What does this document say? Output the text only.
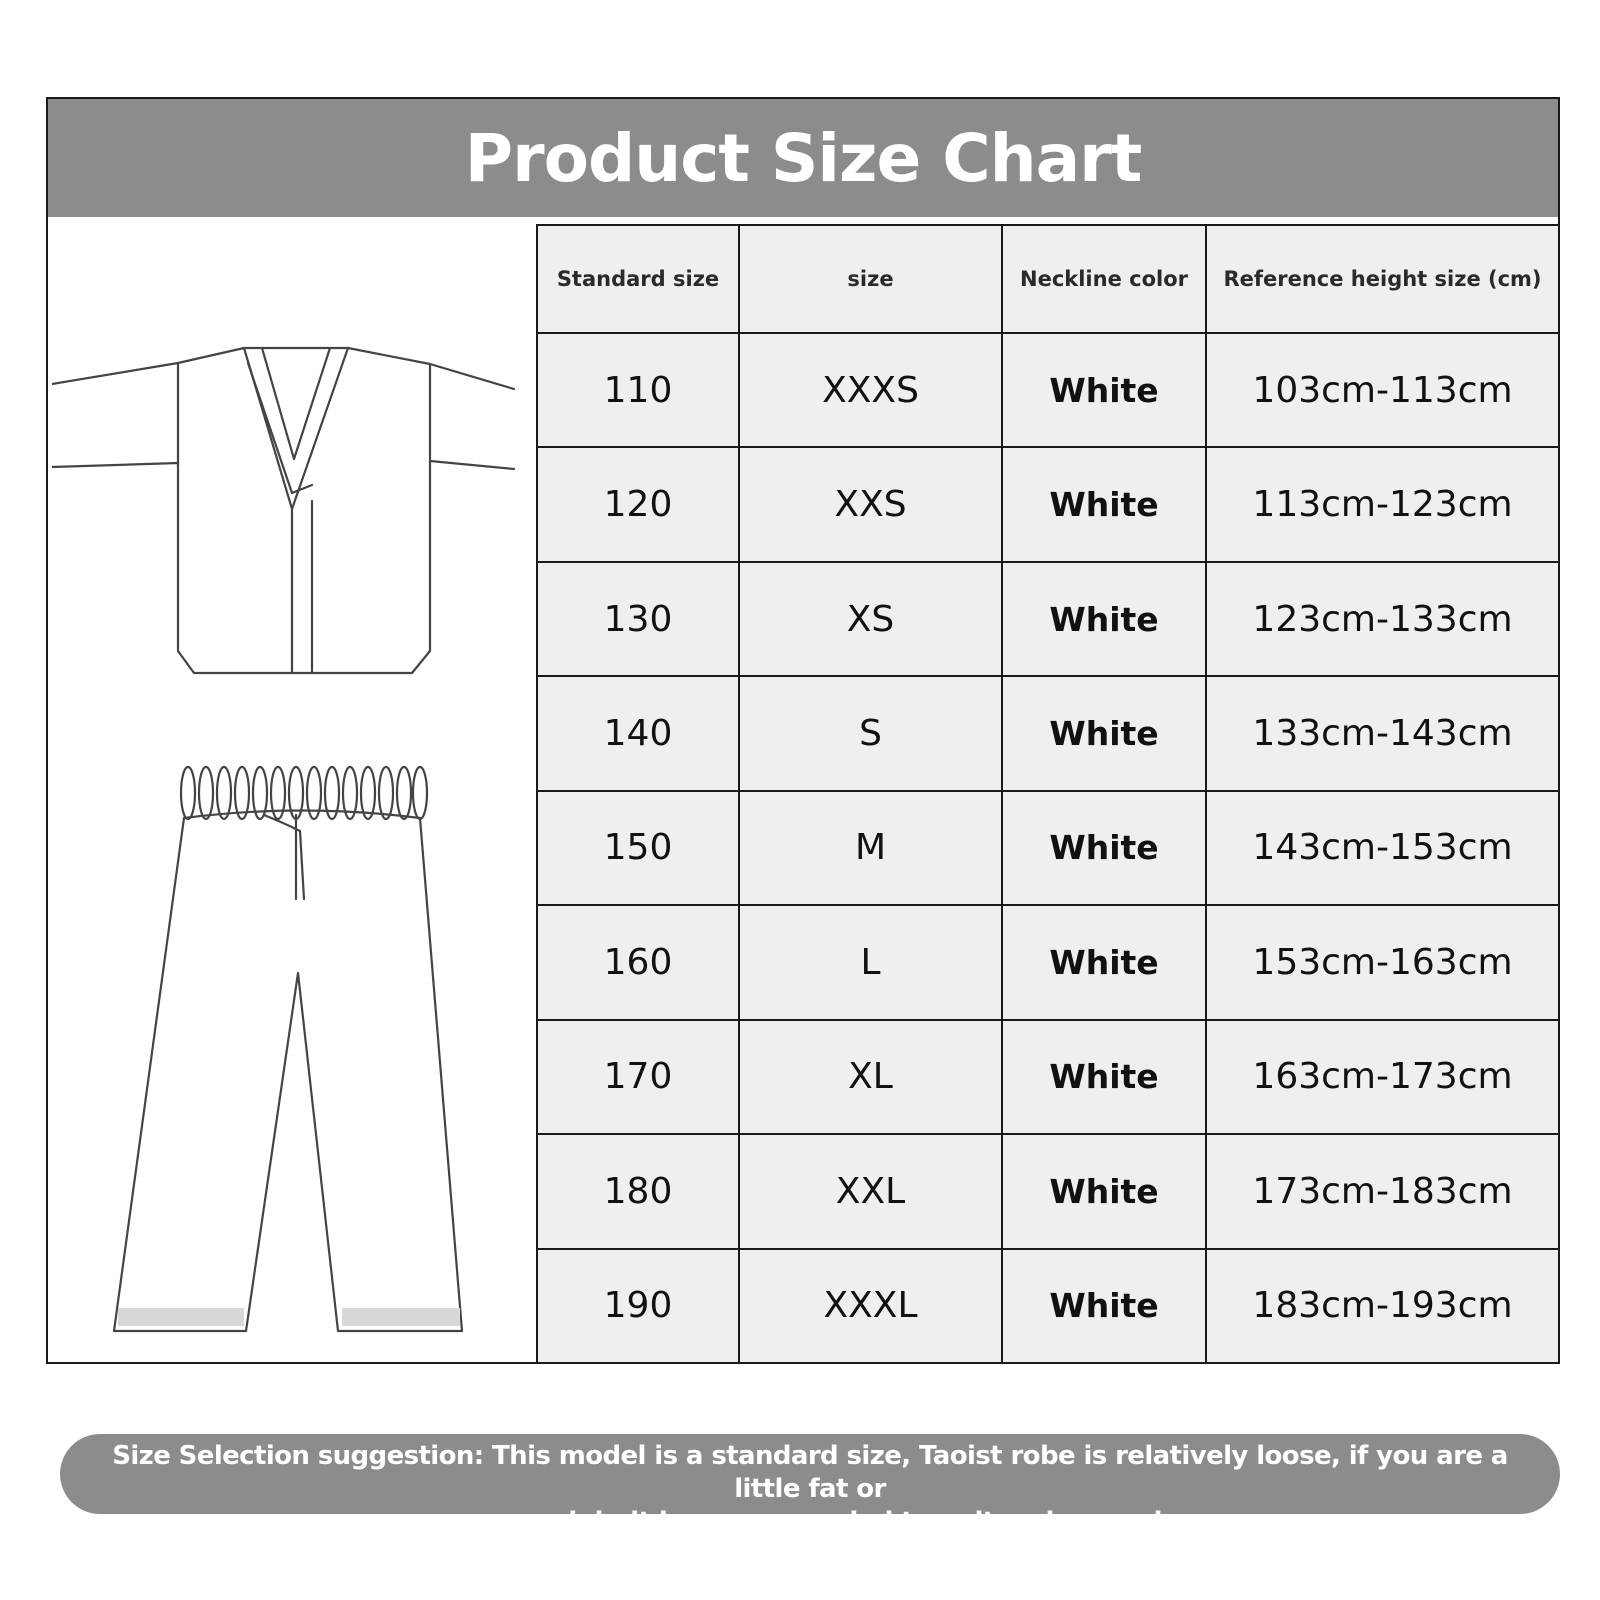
Product Size Chart
Standard size	size	Neckline color	Reference height size (cm)
110	XXXS	White	103cm-113cm
120	XXS	White	113cm-123cm
130	XS	White	123cm-133cm
140	S	White	133cm-143cm
150	M	White	143cm-153cm
160	L	White	153cm-163cm
170	XL	White	163cm-173cm
180	XXL	White	173cm-183cm
190	XXXL	White	183cm-193cm
Size Selection suggestion: This model is a standard size, Taoist robe is relatively loose, if you are a little fat or
a coarse club, it is recommended to write a larger size
